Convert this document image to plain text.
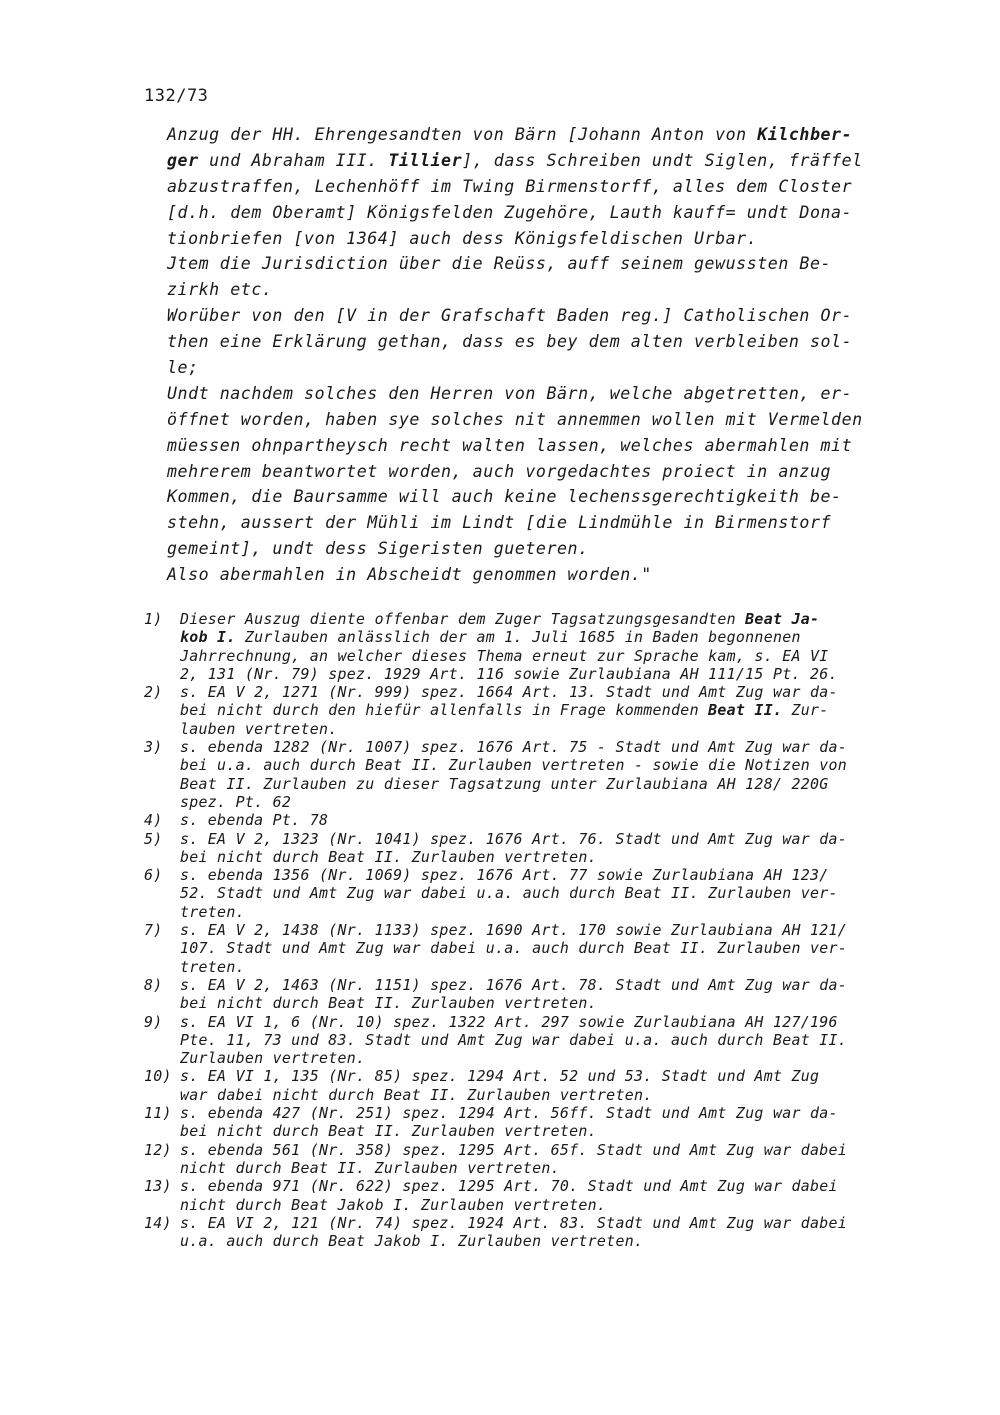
132/73
Anzug der HH. Ehrengesandten von Bärn [Johann Anton von Kilchber-
ger und Abraham III. Tillier], dass Schreiben undt Siglen, fräffel
abzustraffen, Lechenhöff im Twing Birmenstorff, alles dem Closter
[d.h. dem Oberamt] Königsfelden Zugehöre, Lauth kauff= undt Dona-
tionbriefen [von 1364] auch dess Königsfeldischen Urbar.
Jtem die Jurisdiction über die Reüss, auff seinem gewussten Be-
zirkh etc.
Worüber von den [V in der Grafschaft Baden reg.] Catholischen Or-
then eine Erklärung gethan, dass es bey dem alten verbleiben sol-
le;
Undt nachdem solches den Herren von Bärn, welche abgetretten, er-
öffnet worden, haben sye solches nit annemmen wollen mit Vermelden
müessen ohnpartheysch recht walten lassen, welches abermahlen mit
mehrerem beantwortet worden, auch vorgedachtes proiect in anzug
Kommen, die Baursamme will auch keine lechenssgerechtigkeith be-
stehn, aussert der Mühli im Lindt [die Lindmühle in Birmenstorf
gemeint], undt dess Sigeristen gueteren.
Also abermahlen in Abscheidt genommen worden."
1) Dieser Auszug diente offenbar dem Zuger Tagsatzungsgesandten Beat Ja-
kob I. Zurlauben anlässlich der am 1. Juli 1685 in Baden begonnenen
Jahrrechnung, an welcher dieses Thema erneut zur Sprache kam, s. EA VI
2, 131 (Nr. 79) spez. 1929 Art. 116 sowie Zurlaubiana AH 111/15 Pt. 26.
2) s. EA V 2, 1271 (Nr. 999) spez. 1664 Art. 13. Stadt und Amt Zug war da-
bei nicht durch den hiefür allenfalls in Frage kommenden Beat II. Zur-
lauben vertreten.
3) s. ebenda 1282 (Nr. 1007) spez. 1676 Art. 75 - Stadt und Amt Zug war da-
bei u.a. auch durch Beat II. Zurlauben vertreten - sowie die Notizen von
Beat II. Zurlauben zu dieser Tagsatzung unter Zurlaubiana AH 128/ 220G
spez. Pt. 62
4) s. ebenda Pt. 78
5) s. EA V 2, 1323 (Nr. 1041) spez. 1676 Art. 76. Stadt und Amt Zug war da-
bei nicht durch Beat II. Zurlauben vertreten.
6) s. ebenda 1356 (Nr. 1069) spez. 1676 Art. 77 sowie Zurlaubiana AH 123/
52. Stadt und Amt Zug war dabei u.a. auch durch Beat II. Zurlauben ver-
treten.
7) s. EA V 2, 1438 (Nr. 1133) spez. 1690 Art. 170 sowie Zurlaubiana AH 121/
107. Stadt und Amt Zug war dabei u.a. auch durch Beat II. Zurlauben ver-
treten.
8) s. EA V 2, 1463 (Nr. 1151) spez. 1676 Art. 78. Stadt und Amt Zug war da-
bei nicht durch Beat II. Zurlauben vertreten.
9) s. EA VI 1, 6 (Nr. 10) spez. 1322 Art. 297 sowie Zurlaubiana AH 127/196
Pte. 11, 73 und 83. Stadt und Amt Zug war dabei u.a. auch durch Beat II.
Zurlauben vertreten.
10) s. EA VI 1, 135 (Nr. 85) spez. 1294 Art. 52 und 53. Stadt und Amt Zug
war dabei nicht durch Beat II. Zurlauben vertreten.
11) s. ebenda 427 (Nr. 251) spez. 1294 Art. 56ff. Stadt und Amt Zug war da-
bei nicht durch Beat II. Zurlauben vertreten.
12) s. ebenda 561 (Nr. 358) spez. 1295 Art. 65f. Stadt und Amt Zug war dabei
nicht durch Beat II. Zurlauben vertreten.
13) s. ebenda 971 (Nr. 622) spez. 1295 Art. 70. Stadt und Amt Zug war dabei
nicht durch Beat Jakob I. Zurlauben vertreten.
14) s. EA VI 2, 121 (Nr. 74) spez. 1924 Art. 83. Stadt und Amt Zug war dabei
u.a. auch durch Beat Jakob I. Zurlauben vertreten.
